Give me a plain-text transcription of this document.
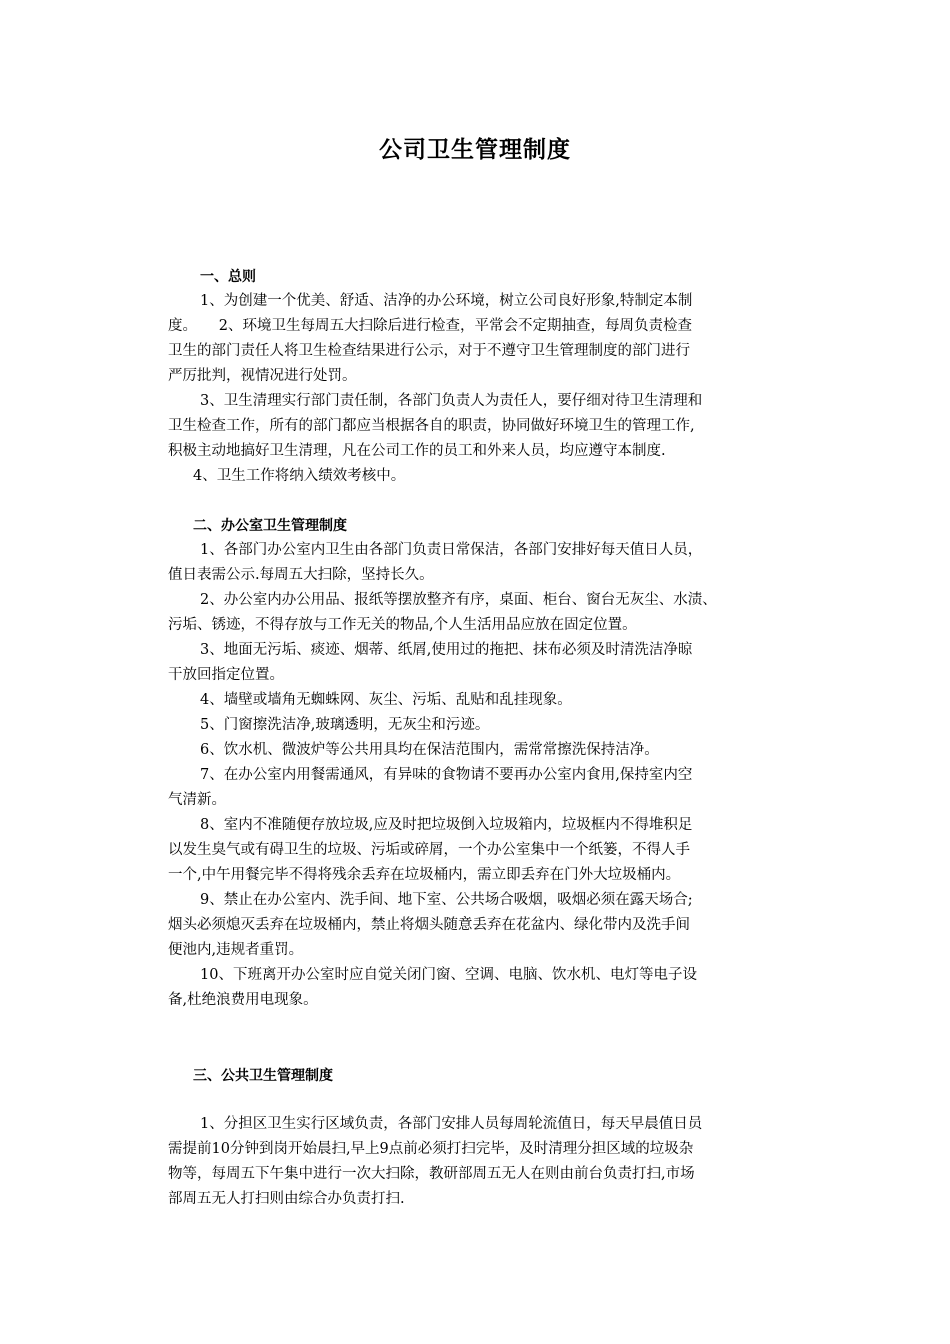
公司卫生管理制度
一、总则
1、为创建一个优美、舒适、洁净的办公环境，树立公司良好形象,特制定本制
度。　　2、环境卫生每周五大扫除后进行检查，平常会不定期抽查，每周负责检查
卫生的部门责任人将卫生检查结果进行公示，对于不遵守卫生管理制度的部门进行
严厉批判，视情况进行处罚。
3、卫生清理实行部门责任制，各部门负责人为责任人，要仔细对待卫生清理和
卫生检查工作，所有的部门都应当根据各自的职责，协同做好环境卫生的管理工作,
积极主动地搞好卫生清理，凡在公司工作的员工和外来人员，均应遵守本制度.
4、卫生工作将纳入绩效考核中。
二、办公室卫生管理制度
1、各部门办公室内卫生由各部门负责日常保洁，各部门安排好每天值日人员，
值日表需公示.每周五大扫除，坚持长久。
2、办公室内办公用品、报纸等摆放整齐有序，桌面、柜台、窗台无灰尘、水渍、
污垢、锈迹，不得存放与工作无关的物品,个人生活用品应放在固定位置。
3、地面无污垢、痰迹、烟蒂、纸屑,使用过的拖把、抹布必须及时清洗洁净晾
干放回指定位置。
4、墙壁或墙角无蜘蛛网、灰尘、污垢、乱贴和乱挂现象。
5、门窗擦洗洁净,玻璃透明，无灰尘和污迹。
6、饮水机、微波炉等公共用具均在保洁范围内，需常常擦洗保持洁净。
7、在办公室内用餐需通风，有异味的食物请不要再办公室内食用,保持室内空
气清新。
8、室内不准随便存放垃圾,应及时把垃圾倒入垃圾箱内，垃圾框内不得堆积足
以发生臭气或有碍卫生的垃圾、污垢或碎屑，一个办公室集中一个纸篓，不得人手
一个,中午用餐完毕不得将残余丢弃在垃圾桶内，需立即丢弃在门外大垃圾桶内。
9、禁止在办公室内、洗手间、地下室、公共场合吸烟，吸烟必须在露天场合;
烟头必须熄灭丢弃在垃圾桶内，禁止将烟头随意丢弃在花盆内、绿化带内及洗手间
便池内,违规者重罚。
10、下班离开办公室时应自觉关闭门窗、空调、电脑、饮水机、电灯等电子设
备,杜绝浪费用电现象。
三、公共卫生管理制度
1、分担区卫生实行区域负责，各部门安排人员每周轮流值日，每天早晨值日员
需提前10分钟到岗开始晨扫,早上9点前必须打扫完毕，及时清理分担区域的垃圾杂
物等，每周五下午集中进行一次大扫除，教研部周五无人在则由前台负责打扫,市场
部周五无人打扫则由综合办负责打扫.
